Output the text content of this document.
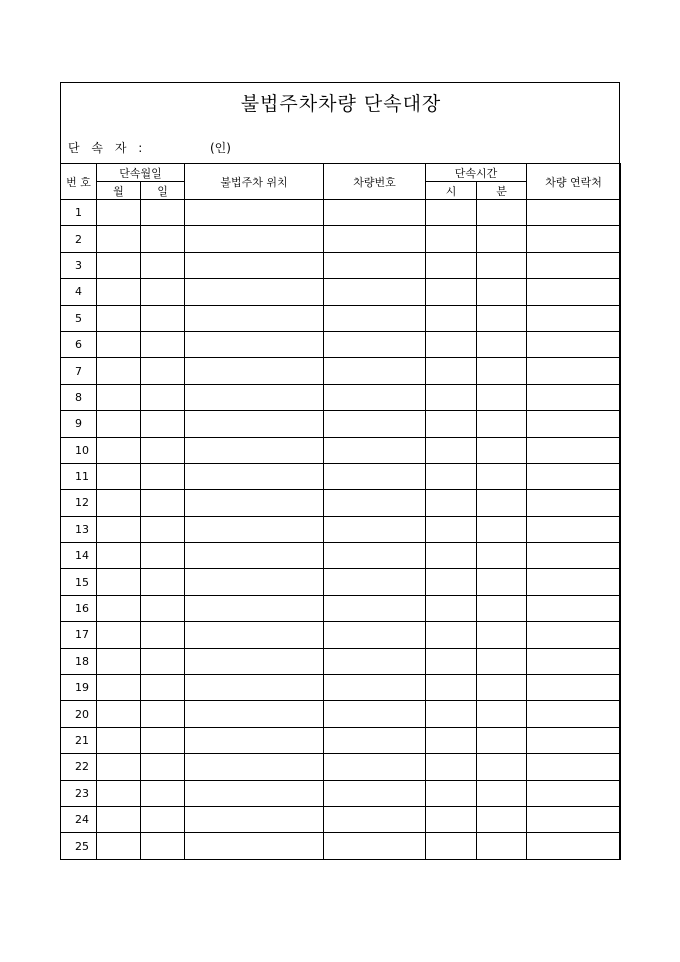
불법주차차량 단속대장
단 속 자 :	(인)
번 호	단속월일		불법주차 위치	차량번호	단속시간		차량 연락처
	월	일			시	분	
1							
2							
3							
4							
5							
6							
7							
8							
9							
10							
11							
12							
13							
14							
15							
16							
17							
18							
19							
20							
21							
22							
23							
24							
25							
